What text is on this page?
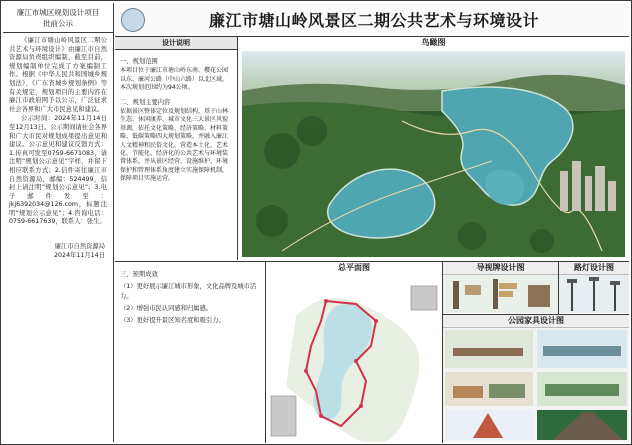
廉江市城区规划设计项目
批前公示

《廉江市塘山岭风景区二期公共艺术与环境设计》由廉江市自然资源局负责组织编制，截至目前，规划编制单位完成了方案编制工作。根据《中华人民共和国城乡规划法》、《广东省城乡规划条例》等有关规定，规划项目的主要内容在廉江市政府网予以公示，广泛征求社会各界和广大市民意见和建议。

公示时间：2024年11月14日至12月13日。公示期间请社会各界和广大市民对规划成果提出意见和建议。公示意见和建议反馈方式：1.传真可发至0759-6671083，请注明“规划公示意见”字样，并留下相应联系方式；2.信件寄往廉江市自然资源局，邮编：524499，信封上请注明“规划公示意见”；3.电子邮件发至：jkj6392034@126.com，标题注明“规划公示意见”；4.咨询电话：0759-6617639，联系人：张生。

廉江市自然资源局
2024年11月14日
廉江市塘山岭风景区二期公共艺术与环境设计
设计说明
一、规划范围

本项目位于廉江市塘山岭东南、樱花公园以东、廉河公路（中山六路）以北区域，本次规划范围约为94公顷。

二、规划主要内容

依据景区整体定位及规划结构，基于山林生态、休闲康养、城市文化三大景区风貌基调，依托文化策略、经济策略、材料策略、低碳策略四大规划策略，并融入廉江人文精神和民俗文化，营造本土化、艺术化、节能化、经济化的公共艺术与环境装置体系，并从景区经营、设施维护、环境保护和管理体系角度建立实施保障机制，保障项目实施运营。

鸟瞰图

三、预期成效

（1）更好展示廉江城市形象，文化品牌及城市活力。

（2）增强市民认同感和归属感。

（3）更好提升景区知名度和吸引力。

总平面图	导视牌设计图	路灯设计图
公园家具设计图
